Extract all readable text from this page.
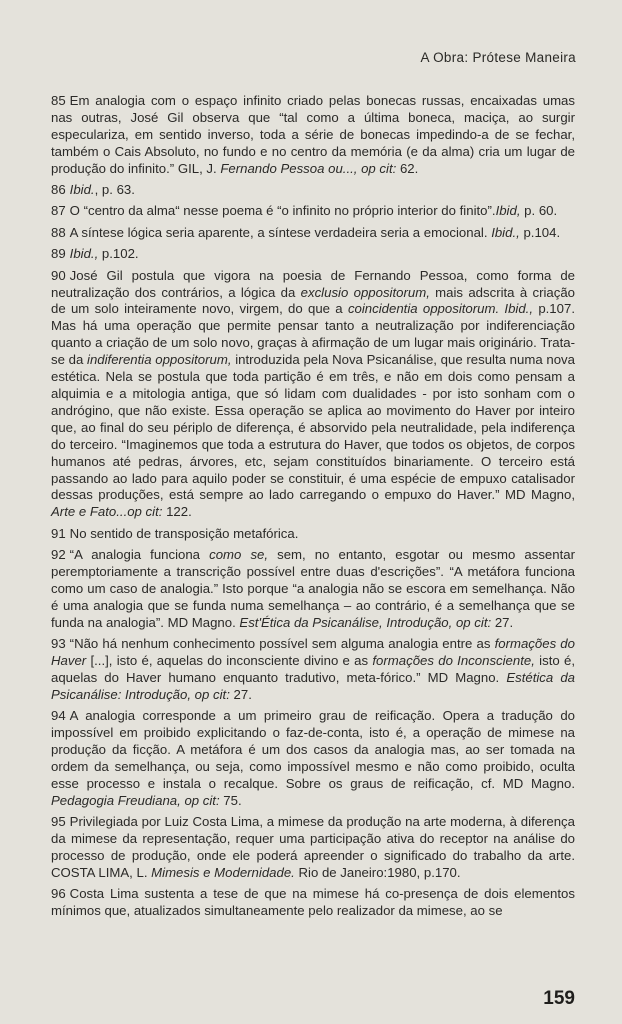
A Obra: Prótese Maneira

85 Em analogia com o espaço infinito criado pelas bonecas russas, encaixadas umas nas outras, José Gil observa que “tal como a última boneca, maciça, ao surgir especulariza, em sentido inverso, toda a série de bonecas impedindo-a de se fechar, também o Cais Absoluto, no fundo e no centro da memória (e da alma) cria um lugar de produção do infinito.” GIL, J. Fernando Pessoa ou..., op cit: 62.

86 Ibid., p. 63.

87 O “centro da alma“ nesse poema é “o infinito no próprio interior do finito”.Ibid, p. 60.

88 A síntese lógica seria aparente, a síntese verdadeira seria a emocional. Ibid., p.104.

89 Ibid., p.102.

90 José Gil postula que vigora na poesia de Fernando Pessoa, como forma de neutralização dos contrários, a lógica da exclusio oppositorum, mais adscrita à criação de um solo inteiramente novo, virgem, do que a coincidentia oppositorum. Ibid., p.107. Mas há uma operação que permite pensar tanto a neutralização por indiferenciação quanto a criação de um solo novo, graças à afirmação de um lugar mais originário. Trata-se da indiferentia oppositorum, introduzida pela Nova Psicanálise, que resulta numa nova estética. Nela se postula que toda partição é em três, e não em dois como pensam a alquimia e a mitologia antiga, que só lidam com dualidades - por isto sonham com o andrógino, que não existe. Essa operação se aplica ao movimento do Haver por inteiro que, ao final do seu périplo de diferença, é absorvido pela neutralidade, pela indiferença do terceiro. “Imaginemos que toda a estrutura do Haver, que todos os objetos, de corpos humanos até pedras, árvores, etc, sejam constituídos binariamente. O terceiro está passando ao lado para aquilo poder se constituir, é uma espécie de empuxo catalisador dessas produções, está sempre ao lado carregando o empuxo do Haver.” MD Magno, Arte e Fato...op cit: 122.

91 No sentido de transposição metafórica.

92 “A analogia funciona como se, sem, no entanto, esgotar ou mesmo assentar peremptoriamente a transcrição possível entre duas d'escrições”. “A metáfora funciona como um caso de analogia.” Isto porque “a analogia não se escora em semelhança. Não é uma analogia que se funda numa semelhança – ao contrário, é a semelhança que se funda na analogia”. MD Magno. Est'Ética da Psicanálise, Introdução, op cit: 27.

93 “Não há nenhum conhecimento possível sem alguma analogia entre as formações do Haver [...], isto é, aquelas do inconsciente divino e as formações do Inconsciente, isto é, aquelas do Haver humano enquanto tradutivo, meta-fórico.” MD Magno. Estética da Psicanálise: Introdução, op cit: 27.

94 A analogia corresponde a um primeiro grau de reificação. Opera a tradução do impossível em proibido explicitando o faz-de-conta, isto é, a operação de mimese na produção da ficção. A metáfora é um dos casos da analogia mas, ao ser tomada na ordem da semelhança, ou seja, como impossível mesmo e não como proibido, oculta esse processo e instala o recalque. Sobre os graus de reificação, cf. MD Magno. Pedagogia Freudiana, op cit: 75.

95 Privilegiada por Luiz Costa Lima, a mimese da produção na arte moderna, à diferença da mimese da representação, requer uma participação ativa do receptor na análise do processo de produção, onde ele poderá apreender o significado do trabalho da arte. COSTA LIMA, L. Mimesis e Modernidade. Rio de Janeiro:1980, p.170.

96 Costa Lima sustenta a tese de que na mimese há co-presença de dois elementos mínimos que, atualizados simultaneamente pelo realizador da mimese, ao se

159
